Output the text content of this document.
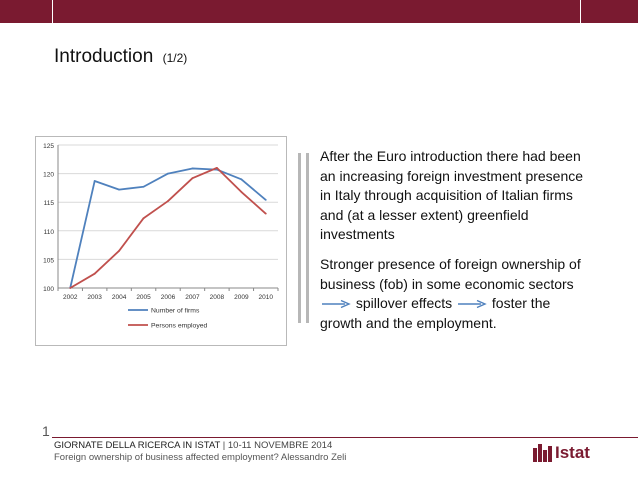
Introduction (1/2)
100
105
110
115
120
125
2002 2003 2004 2005 2006 2007 2008 2009 2010
Number of firms
Persons employed
After the Euro introduction there had been an increasing foreign investment presence in Italy through acquisition of Italian firms and (at a lesser extent) greenfield investments
Stronger presence of foreign ownership of business (fob) in some economic sectors  spillover effects	foster the growth and the employment.
1
GIORNATE DELLA RICERCA IN ISTAT | 10-11 NOVEMBRE 2014
Foreign ownership of business affected employment? Alessandro Zeli	Istat
